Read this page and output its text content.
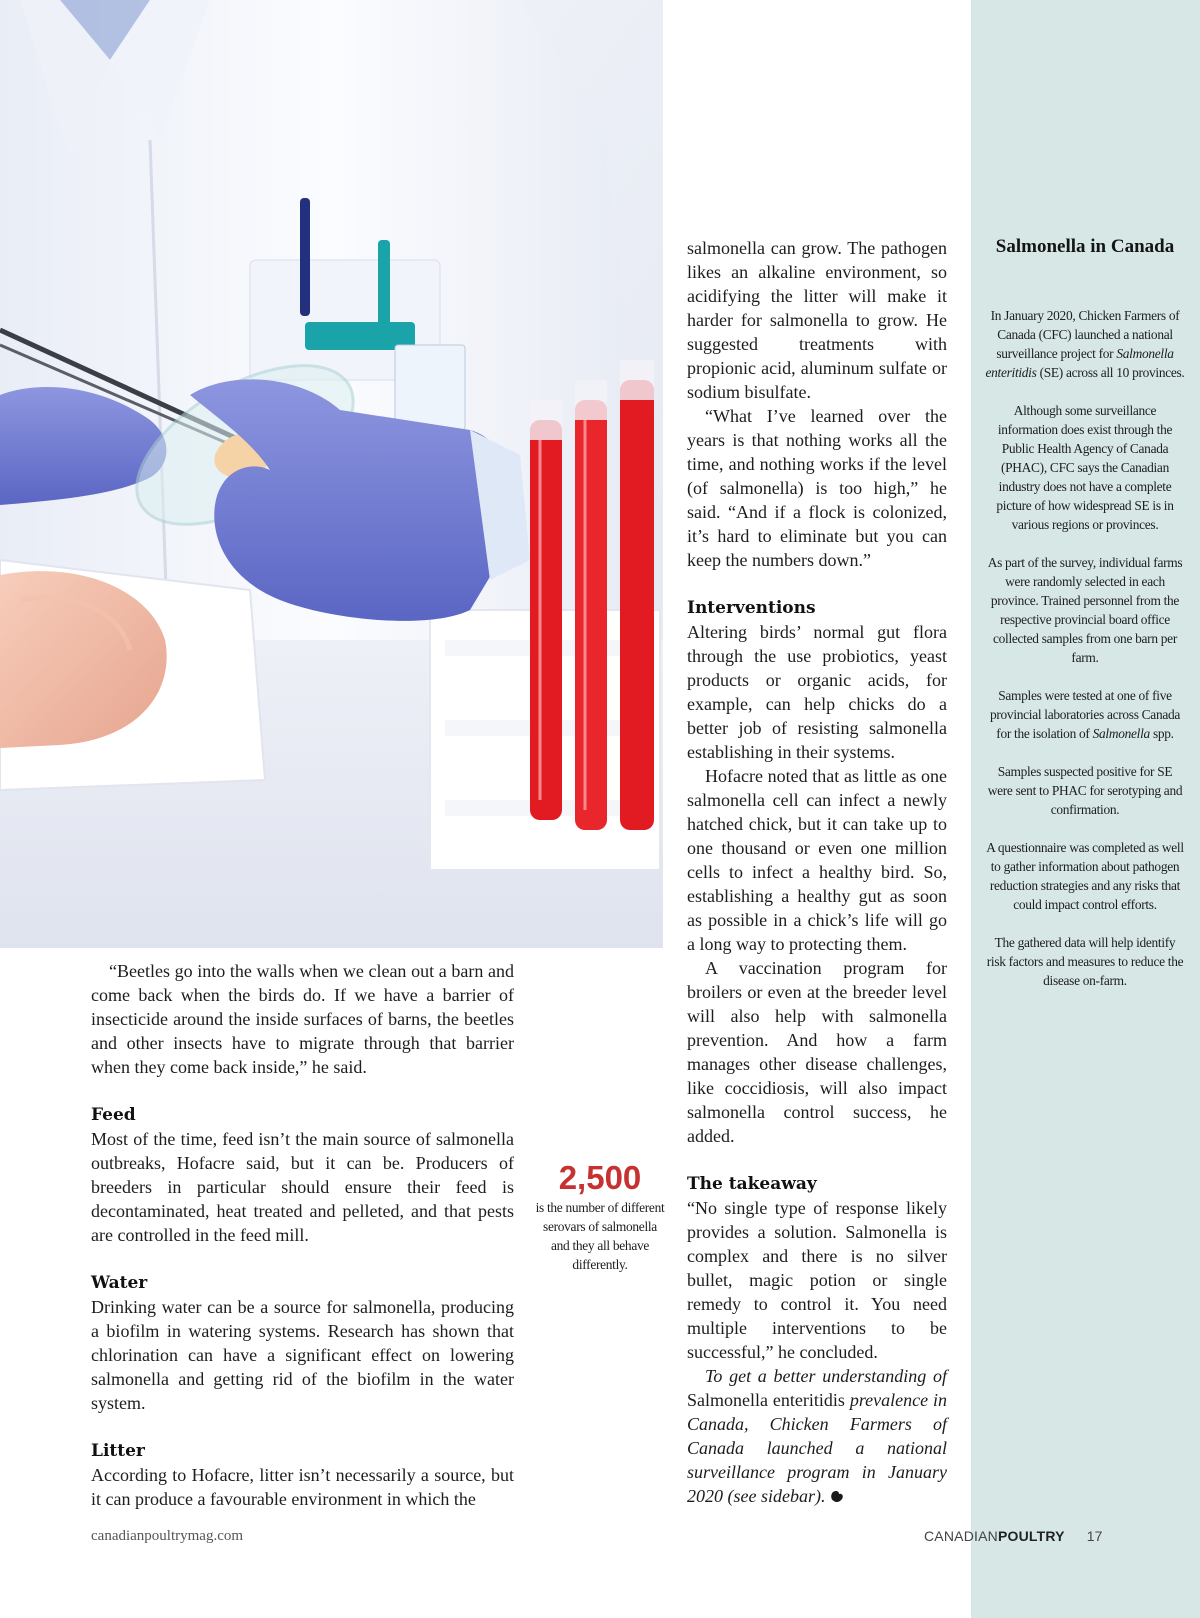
“Beetles go into the walls when we clean out a barn and come back when the birds do. If we have a barrier of insecticide around the inside surfaces of barns, the beetles and other insects have to migrate through that barrier when they come back inside,” he said.

Feed

Most of the time, feed isn’t the main source of salmonella outbreaks, Hofacre said, but it can be. Producers of breeders in particular should ensure their feed is decontaminated, heat treated and pelleted, and that pests are controlled in the feed mill.

Water

Drinking water can be a source for salmonella, producing a biofilm in watering systems. Research has shown that chlorination can have a significant effect on lowering salmonella and getting rid of the biofilm in the water system.

Litter

According to Hofacre, litter isn’t necessarily a source, but it can produce a favourable environment in which the

2,500
is the number of different serovars of salmonella and they all behave differently.

salmonella can grow. The pathogen likes an alkaline environment, so acidifying the litter will make it harder for salmonella to grow. He suggested treatments with propionic acid, aluminum sulfate or sodium bisulfate.

“What I’ve learned over the years is that nothing works all the time, and nothing works if the level (of salmonella) is too high,” he said. “And if a flock is colonized, it’s hard to eliminate but you can keep the numbers down.”

Interventions

Altering birds’ normal gut flora through the use probiotics, yeast products or organic acids, for example, can help chicks do a better job of resisting salmonella establishing in their systems.

Hofacre noted that as little as one salmonella cell can infect a newly hatched chick, but it can take up to one thousand or even one million cells to infect a healthy bird. So, establishing a healthy gut as soon as possible in a chick’s life will go a long way to protecting them.

A vaccination program for broilers or even at the breeder level will also help with salmonella prevention. And how a farm manages other disease challenges, like coccidiosis, will also impact salmonella control success, he added.

The takeaway

“No single type of response likely provides a solution. Salmonella is complex and there is no silver bullet, magic potion or single remedy to control it. You need multiple interventions to be successful,” he concluded.

To get a better understanding of Salmonella enteritidis prevalence in Canada, Chicken Farmers of Canada launched a national surveillance program in January 2020 (see sidebar).

Salmonella in Canada

In January 2020, Chicken Farmers of Canada (CFC) launched a national surveillance project for Salmonella enteritidis (SE) across all 10 provinces.

Although some surveillance information does exist through the Public Health Agency of Canada (PHAC), CFC says the Canadian industry does not have a complete picture of how widespread SE is in various regions or provinces.

As part of the survey, individual farms were randomly selected in each province. Trained personnel from the respective provincial board office collected samples from one barn per farm.

Samples were tested at one of five provincial laboratories across Canada for the isolation of Salmonella spp.

Samples suspected positive for SE were sent to PHAC for serotyping and confirmation.

A questionnaire was completed as well to gather information about pathogen reduction strategies and any risks that could impact control efforts.

The gathered data will help identify risk factors and measures to reduce the disease on-farm.

canadianpoultrymag.com	CANADIANPOULTRY 17
